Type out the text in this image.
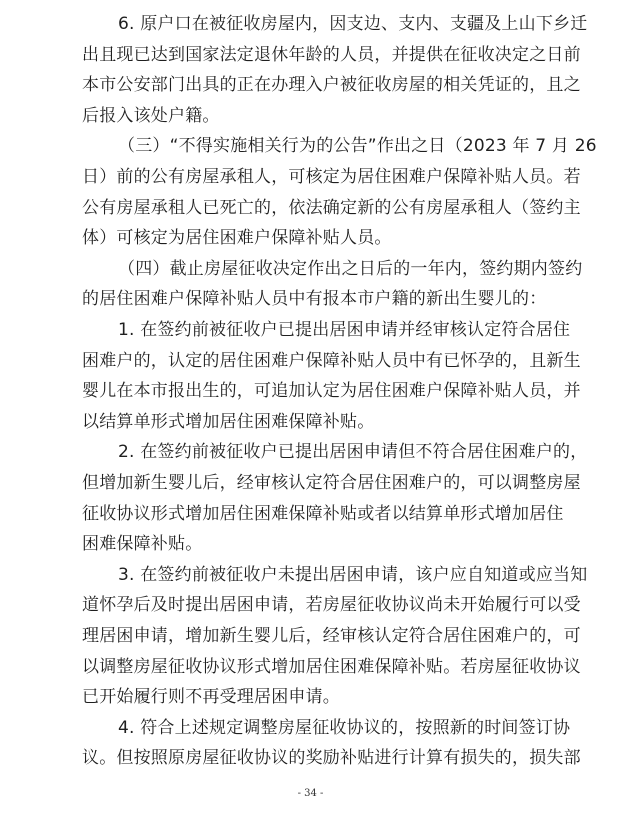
- 34 -
6. 原户口在被征收房屋内，因支边、支内、支疆及上山下乡迁
出且现已达到国家法定退休年龄的人员，并提供在征收决定之日前
本市公安部门出具的正在办理入户被征收房屋的相关凭证的，且之
后报入该处户籍。
（三）“不得实施相关行为的公告”作出之日（2023 年 7 月 26
日）前的公有房屋承租人，可核定为居住困难户保障补贴人员。若
公有房屋承租人已死亡的，依法确定新的公有房屋承租人（签约主
体）可核定为居住困难户保障补贴人员。
（四）截止房屋征收决定作出之日后的一年内，签约期内签约
的居住困难户保障补贴人员中有报本市户籍的新出生婴儿的：
1. 在签约前被征收户已提出居困申请并经审核认定符合居住
困难户的，认定的居住困难户保障补贴人员中有已怀孕的，且新生
婴儿在本市报出生的，可追加认定为居住困难户保障补贴人员，并
以结算单形式增加居住困难保障补贴。
2. 在签约前被征收户已提出居困申请但不符合居住困难户的，
但增加新生婴儿后，经审核认定符合居住困难户的，可以调整房屋
征收协议形式增加居住困难保障补贴或者以结算单形式增加居住
困难保障补贴。
3. 在签约前被征收户未提出居困申请，该户应自知道或应当知
道怀孕后及时提出居困申请，若房屋征收协议尚未开始履行可以受
理居困申请，增加新生婴儿后，经审核认定符合居住困难户的，可
以调整房屋征收协议形式增加居住困难保障补贴。若房屋征收协议
已开始履行则不再受理居困申请。
4. 符合上述规定调整房屋征收协议的，按照新的时间签订协
议。但按照原房屋征收协议的奖励补贴进行计算有损失的，损失部
